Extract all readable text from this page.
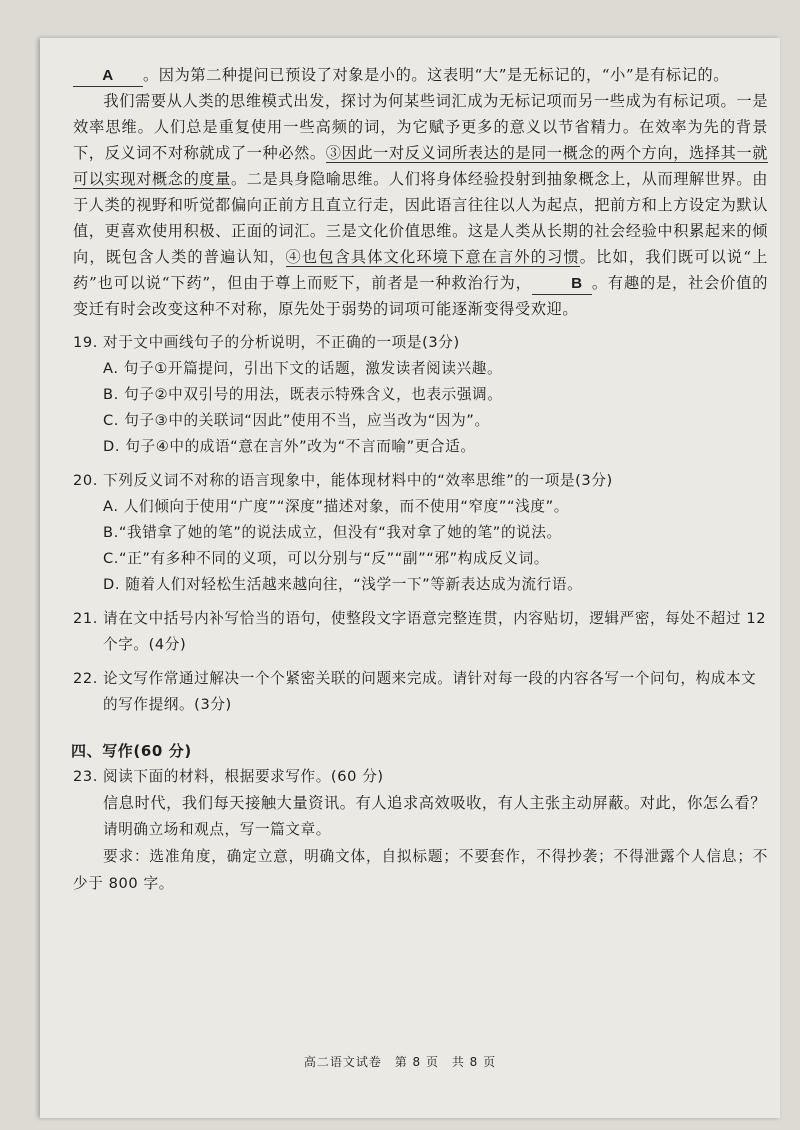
A 。因为第二种提问已预设了对象是小的。这表明“大”是无标记的，“小”是有标记的。

我们需要从人类的思维模式出发，探讨为何某些词汇成为无标记项而另一些成为有标记项。一是效率思维。人们总是重复使用一些高频的词，为它赋予更多的意义以节省精力。在效率为先的背景下，反义词不对称就成了一种必然。③因此一对反义词所表达的是同一概念的两个方向，选择其一就可以实现对概念的度量。二是具身隐喻思维。人们将身体经验投射到抽象概念上，从而理解世界。由于人类的视野和听觉都偏向正前方且直立行走，因此语言往往以人为起点，把前方和上方设定为默认值，更喜欢使用积极、正面的词汇。三是文化价值思维。这是人类从长期的社会经验中积累起来的倾向，既包含人类的普遍认知，④也包含具体文化环境下意在言外的习惯。比如，我们既可以说“上药”也可以说“下药”，但由于尊上而贬下，前者是一种救治行为，	B 。有趣的是，社会价值的变迁有时会改变这种不对称，原先处于弱势的词项可能逐渐变得受欢迎。

19. 对于文中画线句子的分析说明，不正确的一项是(3分)

A. 句子①开篇提问，引出下文的话题，激发读者阅读兴趣。

B. 句子②中双引号的用法，既表示特殊含义，也表示强调。

C. 句子③中的关联词“因此”使用不当，应当改为“因为”。

D. 句子④中的成语“意在言外”改为“不言而喻”更合适。

20. 下列反义词不对称的语言现象中，能体现材料中的“效率思维”的一项是(3分)

A. 人们倾向于使用“广度”“深度”描述对象，而不使用“窄度”“浅度”。

B.“我错拿了她的笔”的说法成立，但没有“我对拿了她的笔”的说法。

C.“正”有多种不同的义项，可以分别与“反”“副”“邪”构成反义词。

D. 随着人们对轻松生活越来越向往，“浅学一下”等新表达成为流行语。

21. 请在文中括号内补写恰当的语句，使整段文字语意完整连贯，内容贴切，逻辑严密，每处不超过 12 个字。(4分)

22. 论文写作常通过解决一个个紧密关联的问题来完成。请针对每一段的内容各写一个问句，构成本文的写作提纲。(3分)

四、写作(60 分)

23. 阅读下面的材料，根据要求写作。(60 分)

信息时代，我们每天接触大量资讯。有人追求高效吸收，有人主张主动屏蔽。对此，你怎么看？

请明确立场和观点，写一篇文章。

要求：选准角度，确定立意，明确文体，自拟标题；不要套作，不得抄袭；不得泄露个人信息；不少于 800 字。

高二语文试卷 第 8 页 共 8 页
